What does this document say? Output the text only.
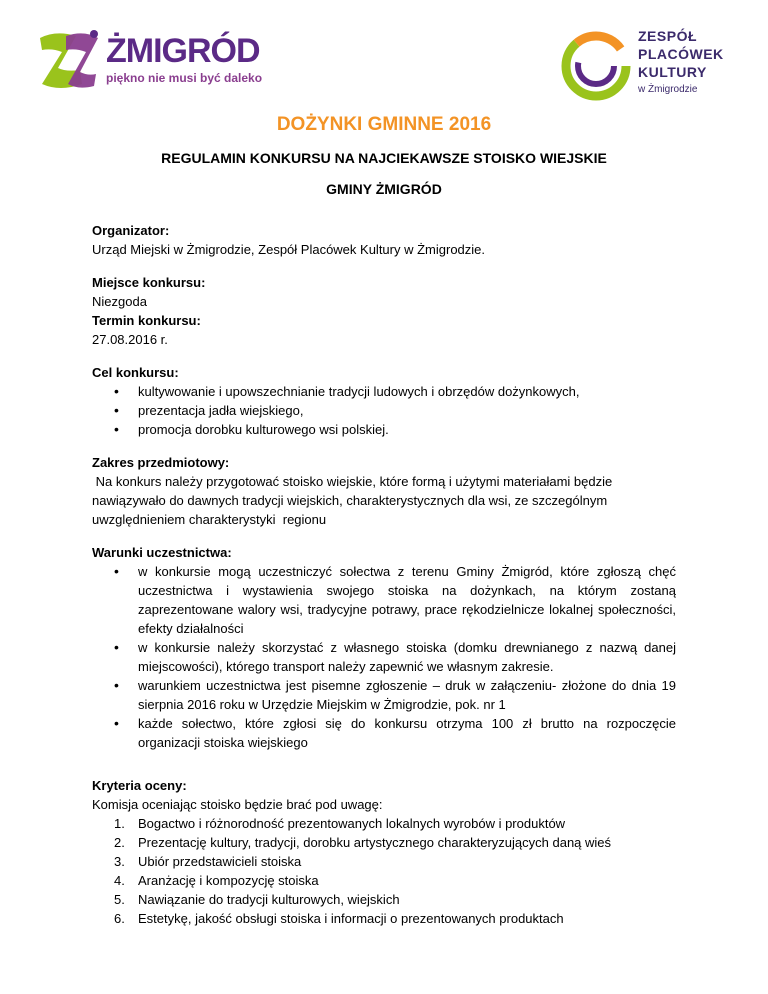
ŻMIGRÓD
piękno nie musi być daleko
ZESPÓŁ
PLACÓWEK
KULTURY
w Żmigrodzie
DOŻYNKI GMINNE 2016
REGULAMIN KONKURSU NA NAJCIEKAWSZE STOISKO WIEJSKIE
GMINY ŻMIGRÓD

Organizator:

Urząd Miejski w Żmigrodzie, Zespół Placówek Kultury w Żmigrodzie.

Miejsce konkursu:

Niezgoda

Termin konkursu:

27.08.2016 r.

Cel konkursu:

• kultywowanie i upowszechnianie tradycji ludowych i obrzędów dożynkowych,
• prezentacja jadła wiejskiego,
• promocja dorobku kulturowego wsi polskiej.

Zakres przedmiotowy:

Na konkurs należy przygotować stoisko wiejskie, które formą i użytymi materiałami będzie nawiązywało do dawnych tradycji wiejskich, charakterystycznych dla wsi, ze szczególnym uwzględnieniem charakterystyki  regionu

Warunki uczestnictwa:

• w konkursie mogą uczestniczyć sołectwa z terenu Gminy Żmigród, które zgłoszą chęć uczestnictwa i wystawienia swojego stoiska na dożynkach, na którym zostaną zaprezentowane walory wsi, tradycyjne potrawy, prace rękodzielnicze lokalnej społeczności, efekty działalności
• w konkursie należy skorzystać z własnego stoiska (domku drewnianego z nazwą danej miejscowości), którego transport należy zapewnić we własnym zakresie.
• warunkiem uczestnictwa jest pisemne zgłoszenie – druk w załączeniu- złożone do dnia 19 sierpnia 2016 roku w Urzędzie Miejskim w Żmigrodzie, pok. nr 1
• każde sołectwo, które zgłosi się do konkursu otrzyma 100 zł brutto na rozpoczęcie organizacji stoiska wiejskiego

Kryteria oceny:

Komisja oceniając stoisko będzie brać pod uwagę:

1. Bogactwo i różnorodność prezentowanych lokalnych wyrobów i produktów
2. Prezentację kultury, tradycji, dorobku artystycznego charakteryzujących daną wieś
3. Ubiór przedstawicieli stoiska
4. Aranżację i kompozycję stoiska
5. Nawiązanie do tradycji kulturowych, wiejskich
6. Estetykę, jakość obsługi stoiska i informacji o prezentowanych produktach
